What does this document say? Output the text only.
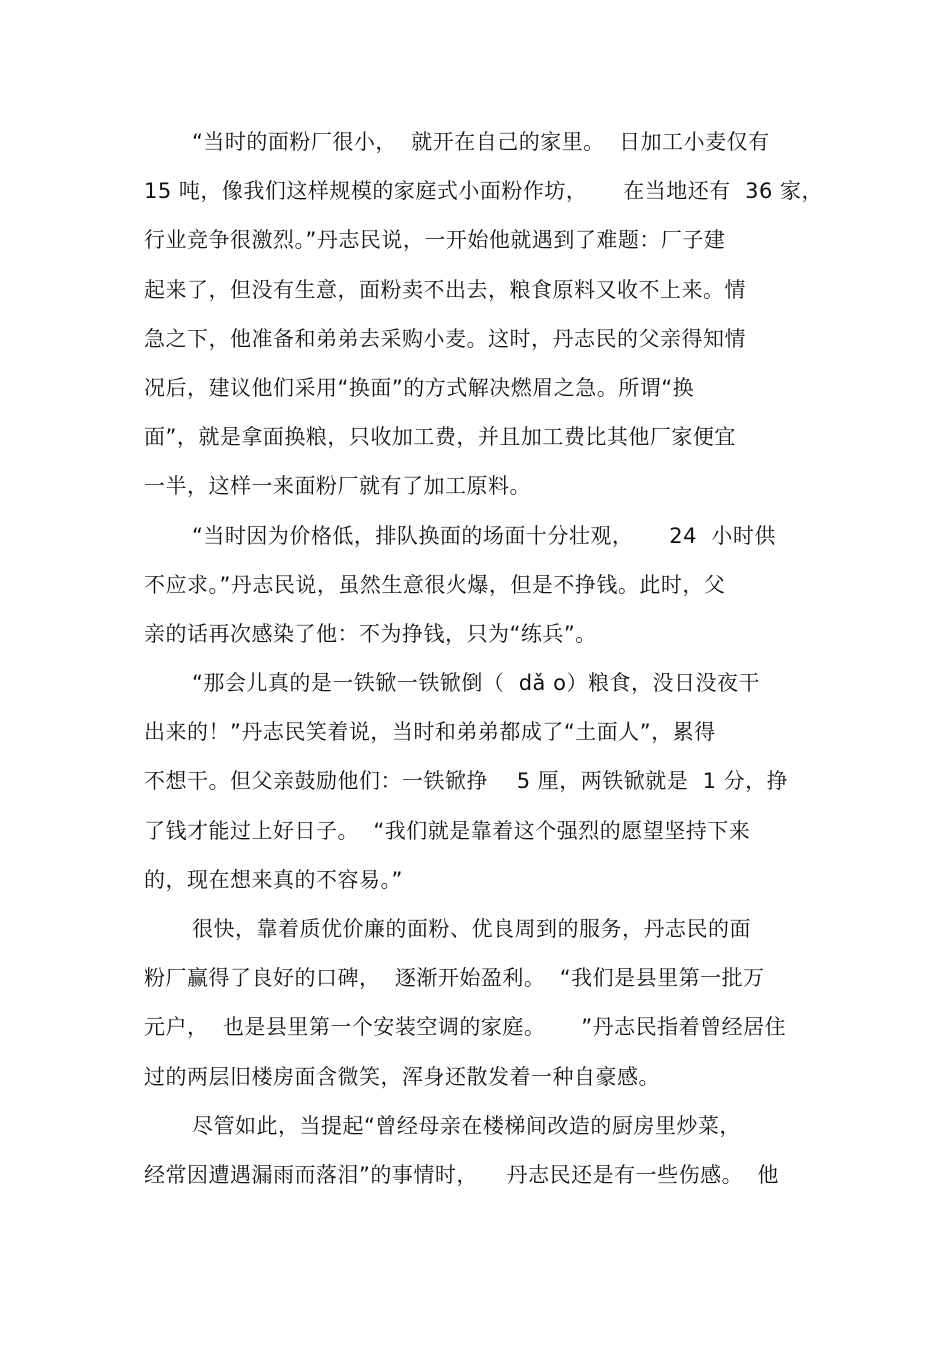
“当时的面粉厂很小，  就开在自己的家里。  日加工小麦仅有
15 吨，像我们这样规模的家庭式小面粉作坊，     在当地还有  36 家，
行业竞争很激烈。”丹志民说，一开始他就遇到了难题：厂子建
起来了，但没有生意，面粉卖不出去，粮食原料又收不上来。情
急之下，他准备和弟弟去采购小麦。这时，丹志民的父亲得知情
况后，建议他们采用“换面”的方式解决燃眉之急。所谓“换
面”，就是拿面换粮，只收加工费，并且加工费比其他厂家便宜
一半，这样一来面粉厂就有了加工原料。
“当时因为价格低，排队换面的场面十分壮观，     24  小时供
不应求。”丹志民说，虽然生意很火爆，但是不挣钱。此时，父
亲的话再次感染了他：不为挣钱，只为“练兵”。
“那会儿真的是一铁锨一铁锨倒（  dǎ o）粮食，没日没夜干
出来的！”丹志民笑着说，当时和弟弟都成了“土面人”，累得
不想干。但父亲鼓励他们：一铁锨挣    5 厘，两铁锨就是  1 分，挣
了钱才能过上好日子。  “我们就是靠着这个强烈的愿望坚持下来
的，现在想来真的不容易。”
很快，靠着质优价廉的面粉、优良周到的服务，丹志民的面
粉厂赢得了良好的口碑，  逐渐开始盈利。  “我们是县里第一批万
元户，  也是县里第一个安装空调的家庭。     ”丹志民指着曾经居住
过的两层旧楼房面含微笑，浑身还散发着一种自豪感。
尽管如此，当提起“曾经母亲在楼梯间改造的厨房里炒菜，
经常因遭遇漏雨而落泪”的事情时，    丹志民还是有一些伤感。  他
